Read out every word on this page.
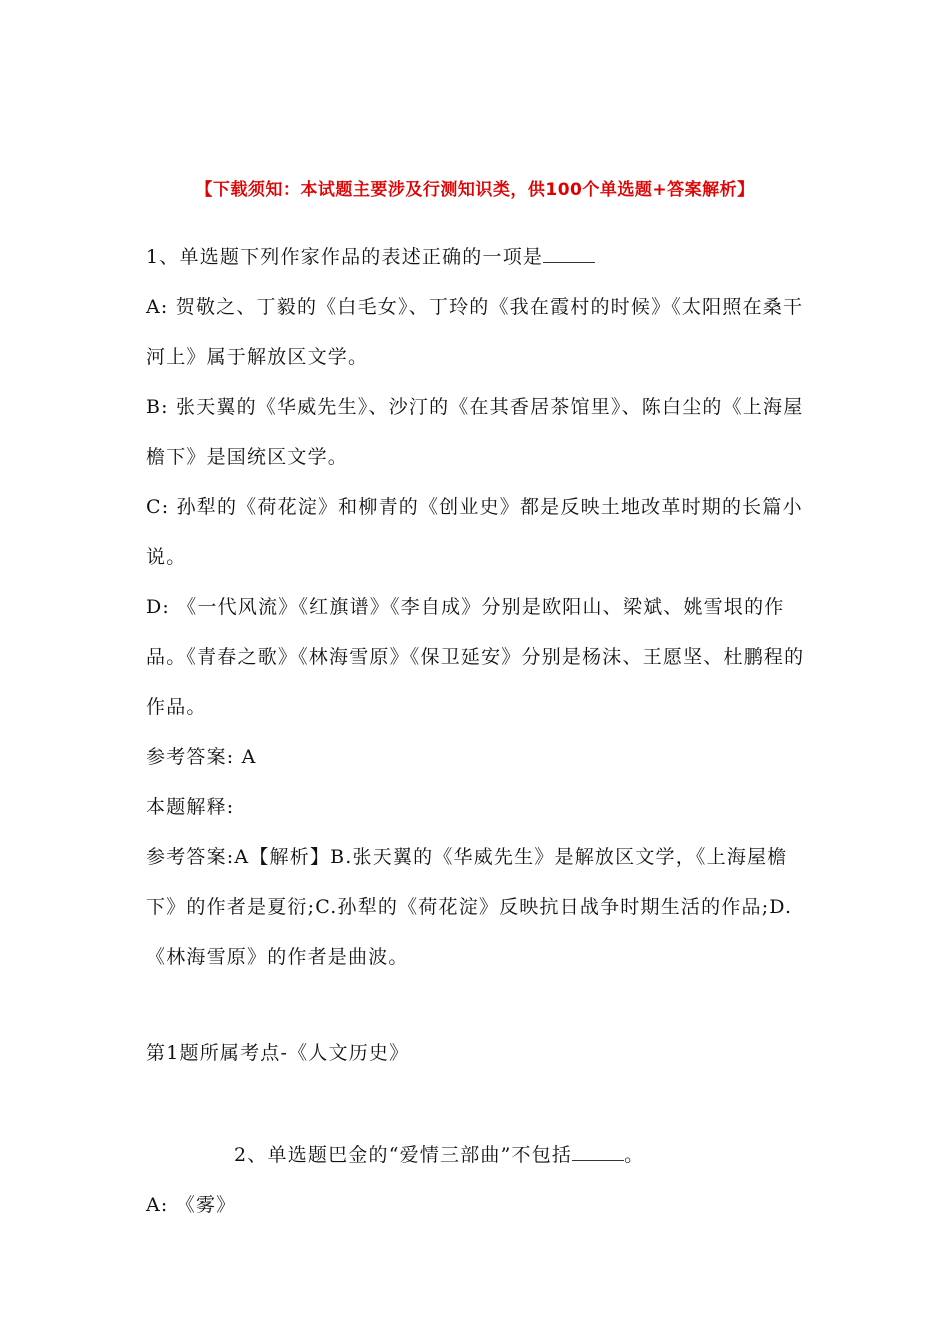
【下载须知：本试题主要涉及行测知识类，供100个单选题+答案解析】

1、单选题下列作家作品的表述正确的一项是

A: 贺敬之、丁毅的《白毛女》、丁玲的《我在霞村的时候》《太阳照在桑干河上》属于解放区文学。

B: 张天翼的《华威先生》、沙汀的《在其香居茶馆里》、陈白尘的《上海屋檐下》是国统区文学。

C: 孙犁的《荷花淀》和柳青的《创业史》都是反映土地改革时期的长篇小说。

D: 《一代风流》《红旗谱》《李自成》分别是欧阳山、梁斌、姚雪垠的作品。《青春之歌》《林海雪原》《保卫延安》分别是杨沫、王愿坚、杜鹏程的作品。

参考答案: A

本题解释:

参考答案:A【解析】B.张天翼的《华威先生》是解放区文学，《上海屋檐下》的作者是夏衍;C.孙犁的《荷花淀》反映抗日战争时期生活的作品;D.《林海雪原》的作者是曲波。

第1题所属考点-《人文历史》

2、单选题巴金的“爱情三部曲”不包括	。

A: 《雾》
